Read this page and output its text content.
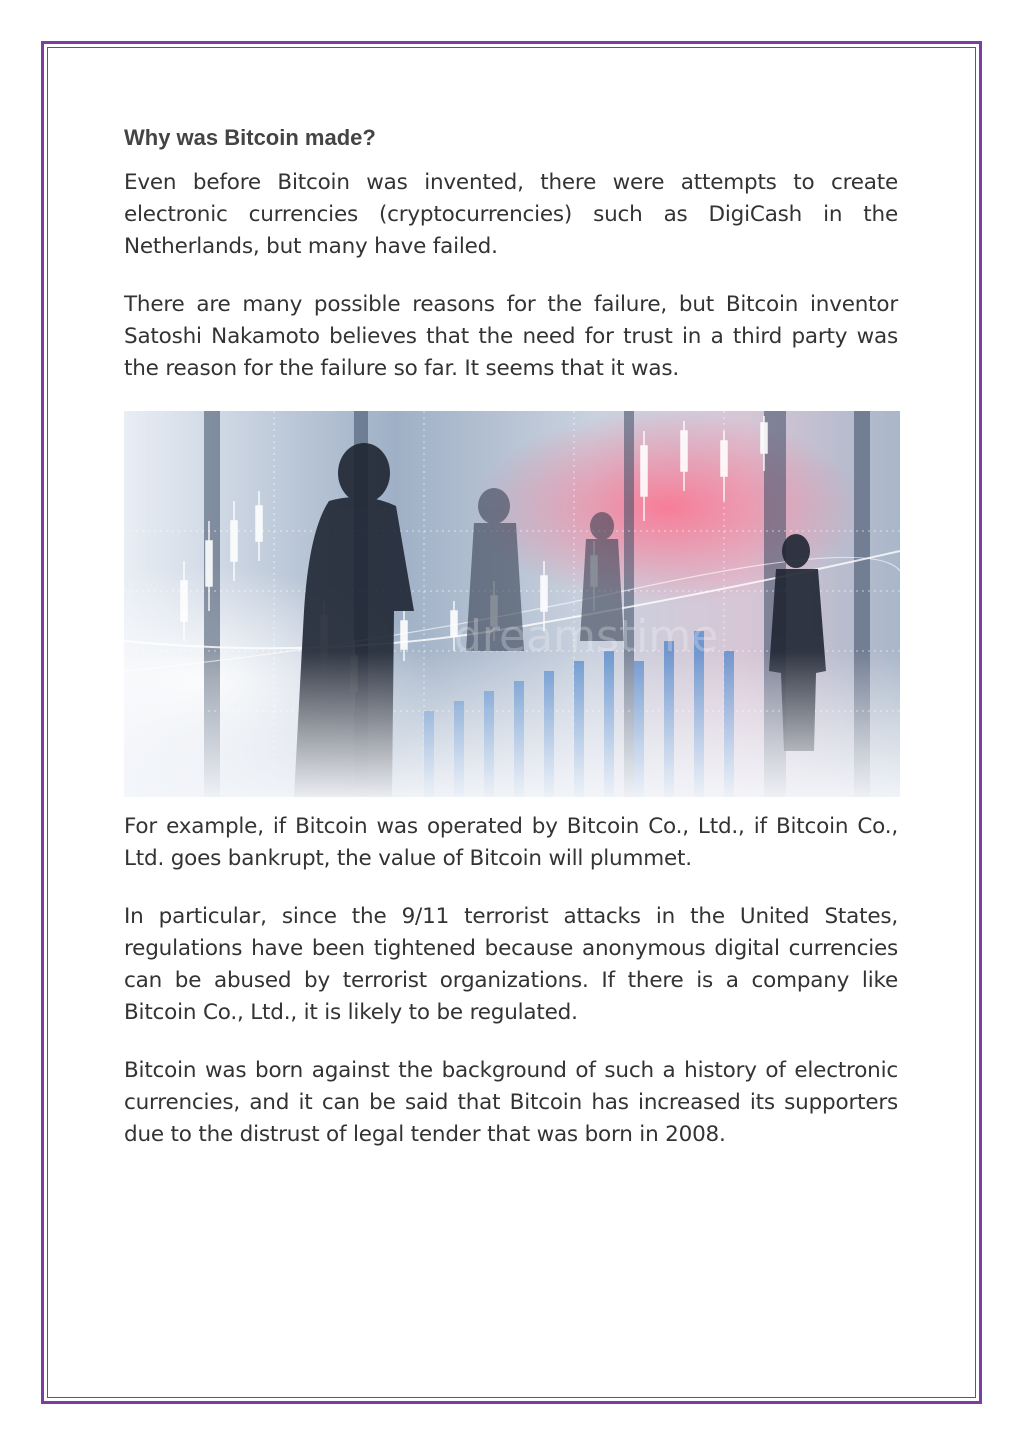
Why was Bitcoin made?

Even before Bitcoin was invented, there were attempts to create electronic currencies (cryptocurrencies) such as DigiCash in the Netherlands, but many have failed.

There are many possible reasons for the failure, but Bitcoin inventor Satoshi Nakamoto believes that the need for trust in a third party was the reason for the failure so far. It seems that it was.

dreamstime

For example, if Bitcoin was operated by Bitcoin Co., Ltd., if Bitcoin Co., Ltd. goes bankrupt, the value of Bitcoin will plummet.

In particular, since the 9/11 terrorist attacks in the United States, regulations have been tightened because anonymous digital currencies can be abused by terrorist organizations. If there is a company like Bitcoin Co., Ltd., it is likely to be regulated.

Bitcoin was born against the background of such a history of electronic currencies, and it can be said that Bitcoin has increased its supporters due to the distrust of legal tender that was born in 2008.
